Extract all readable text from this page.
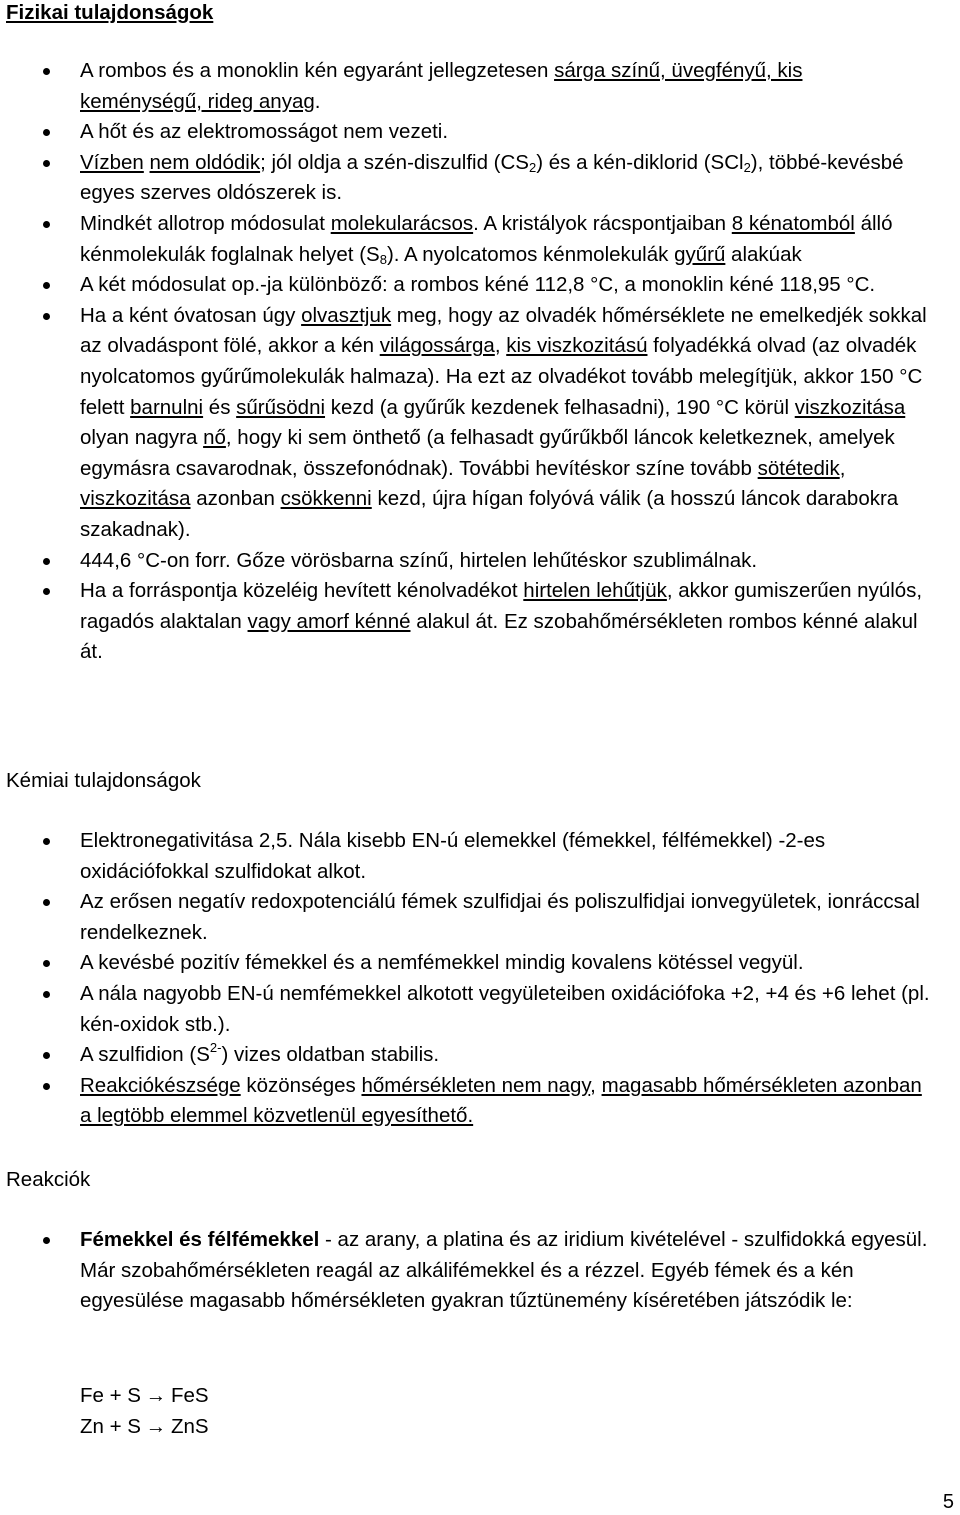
Fizikai tulajdonságok
A rombos és a monoklin kén egyaránt jellegzetesen sárga színű, üvegfényű, kis keménységű, rideg anyag.
A hőt és az elektromosságot nem vezeti.
Vízben nem oldódik; jól oldja a szén-diszulfid $(CS_2)$ és a kén-diklorid (SCl$_2$), többé-kevésbé egyes szerves oldószerek is.
Mindkét allotrop módosulat molekularácsos. A kristályok rácspontjaiban 8 kénatomból álló kénmolekulák foglalnak helyet $(S_8)$. A nyolcatomos kénmolekulák gyűrű alakúak
A két módosulat op.-ja különböző: a rombos kéné 112,8 °C, a monoklin kéné 118,95 °C.
Ha a ként óvatosan úgy olvasztjuk meg, hogy az olvadék hőmérséklete ne emelkedjék sokkal az olvadáspont fölé, akkor a kén világossárga, kis viszkozitású folyadékká olvad (az olvadék nyolcatomos gyűrűmolekulák halmaza). Ha ezt az olvadékot tovább melegítjük, akkor 150 °C felett barnulni és sűrűsödni kezd (a gyűrűk kezdenek felhasadni), 190 °C körül viszkozitása olyan nagyra nő, hogy ki sem önthető (a felhasadt gyűrűkből láncok keletkeznek, amelyek egymásra csavarodnak, összefonódnak). További hevítéskor színe tovább sötétedik, viszkozitása azonban csökkenni kezd, újra hígan folyóvá válik (a hosszú láncok darabokra szakadnak).
444,6 °C-on forr. Gőze vörösbarna színű, hirtelen lehűtéskor szublimálnak.
Ha a forráspontja közeléig hevített kénolvadékot hirtelen lehűtjük, akkor gumiszerűen nyúlós, ragadós alaktalan vagy amorf kénné alakul át. Ez szobahőmérsékleten rombos kénné alakul át.
Kémiai tulajdonságok
Elektronegativitása 2,5. Nála kisebb EN-ú elemekkel (fémekkel, félfémekkel) -2-es oxidációfokkal szulfidokat alkot.
Az erősen negatív redoxpotenciálú fémek szulfidjai és poliszulfidjai ionvegyületek, ionráccsal rendelkeznek.
A kevésbé pozitív fémekkel és a nemfémekkel mindig kovalens kötéssel vegyül.
A nála nagyobb EN-ú nemfémekkel alkotott vegyületeiben oxidációfoka +2, +4 és +6 lehet (pl. kén-oxidok stb.).
A szulfidion $(S^{2-})$ vizes oldatban stabilis.
Reakciókészsége közönséges hőmérsékleten nem nagy, magasabb hőmérsékleten azonban a legtöbb elemmel közvetlenül egyesíthető.
Reakciók
Fémekkel és félfémekkel - az arany, a platina és az iridium kivételével - szulfidokká egyesül. Már szobahőmérsékleten reagál az alkálifémekkel és a rézzel. Egyéb fémek és a kén egyesülése magasabb hőmérsékleten gyakran tűztünemény kíséretében játszódik le:
Fe + S → FeS
Zn + S → ZnS
5
